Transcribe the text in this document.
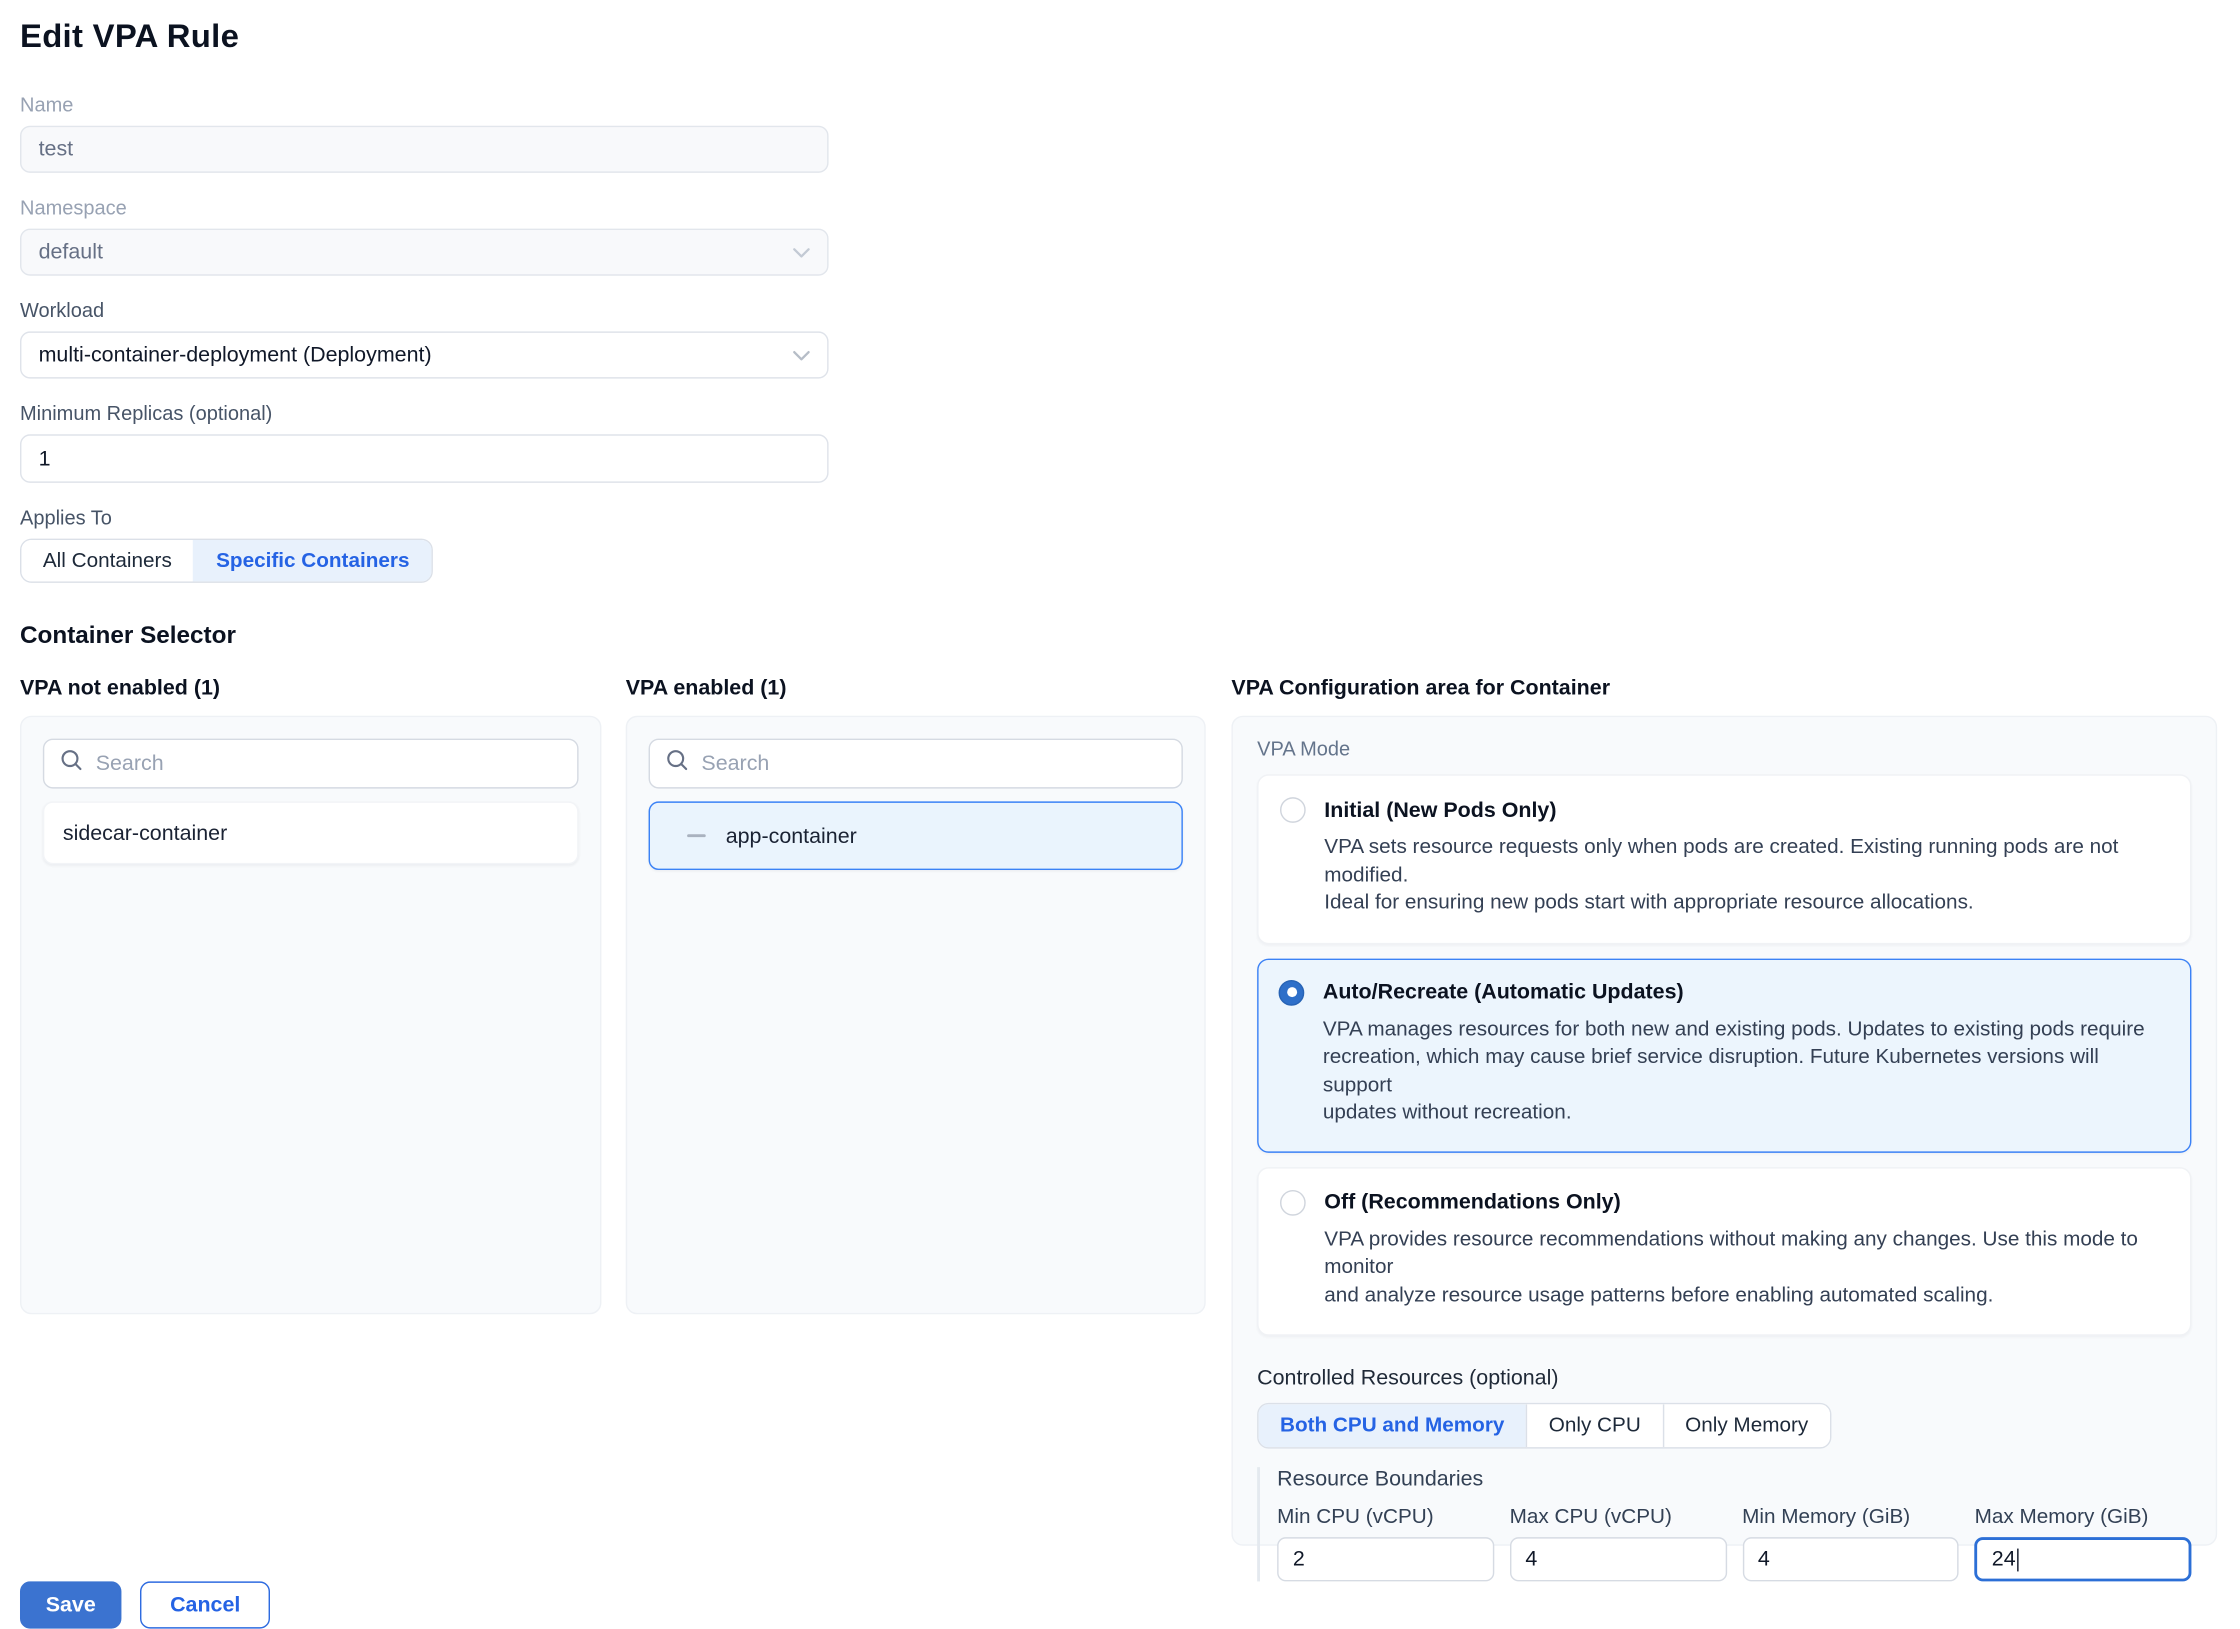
Edit VPA Rule
Name
test
Namespace
default
Workload
multi-container-deployment (Deployment)
Minimum Replicas (optional)
1
Applies To
All Containers	Specific Containers
Container Selector
VPA not enabled (1)
Search
sidecar-container
VPA enabled (1)
Search
app-container
VPA Configuration area for Container
VPA Mode
Initial (New Pods Only)
VPA sets resource requests only when pods are created. Existing running pods are not modified.
Ideal for ensuring new pods start with appropriate resource allocations.
Auto/Recreate (Automatic Updates)
VPA manages resources for both new and existing pods. Updates to existing pods require
recreation, which may cause brief service disruption. Future Kubernetes versions will support
updates without recreation.
Off (Recommendations Only)
VPA provides resource recommendations without making any changes. Use this mode to monitor
and analyze resource usage patterns before enabling automated scaling.
Controlled Resources (optional)
Both CPU and Memory	Only CPU	Only Memory
Resource Boundaries
Min CPU (vCPU)
2
Max CPU (vCPU)
4
Min Memory (GiB)
4
Max Memory (GiB)
24
Save	Cancel
